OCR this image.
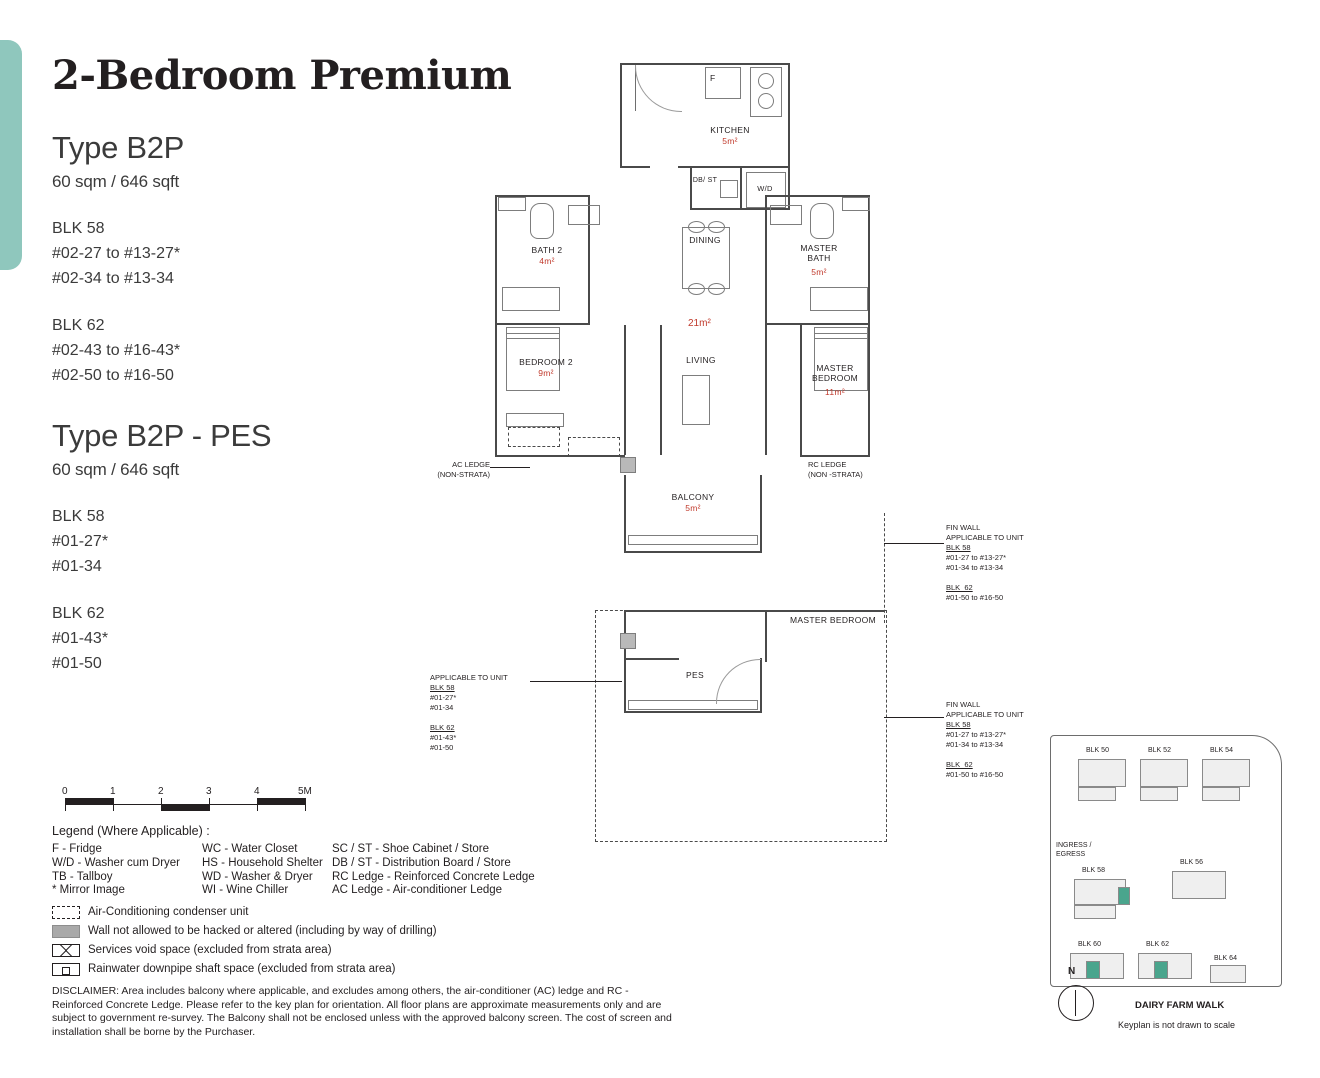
2-Bedroom Premium
Type B2P
60 sqm / 646 sqft
BLK 58
#02-27 to #13-27*
#02-34 to #13-34
BLK 62
#02-43 to #16-43*
#02-50 to #16-50
Type B2P - PES
60 sqm / 646 sqft
BLK 58
#01-27*
#01-34
BLK 62
#01-43*
#01-50
0	1	2	3	4	5M
Legend (Where Applicable) :
F - Fridge	WC - Water Closet	SC / ST - Shoe Cabinet / Store
W/D - Washer cum Dryer HS - Household Shelter DB / ST - Distribution Board / Store
TB - Tallboy	WD - Washer & Dryer RC Ledge - Reinforced Concrete Ledge
* Mirror Image	WI - Wine Chiller	AC Ledge - Air-conditioner Ledge
Air-Conditioning condenser unit
Wall not allowed to be hacked or altered (including by way of drilling)
Services void space (excluded from strata area)
Rainwater downpipe shaft space (excluded from strata area)
DISCLAIMER: Area includes balcony where applicable, and excludes among others, the air-conditioner (AC) ledge and RC - Reinforced Concrete Ledge. Please refer to the key plan for orientation. All floor plans are approximate measurements only and are subject to government re-survey. The Balcony shall not be enclosed unless with the approved balcony screen. The cost of screen and installation shall be borne by the Purchaser.
F
KITCHEN
5m²
DB/ ST
W/D
BATH 2
4m²
MASTER
BATH
5m²
DINING
21m²
LIVING
BEDROOM 2
9m²	MASTER
BEDROOM
11m²
BALCONY
5m²
AC LEDGE
(NON-STRATA)
RC LEDGE
(NON -STRATA)
FIN WALL
APPLICABLE TO UNIT
BLK 58
#01-27 to #13-27*
#01-34 to #13-34

BLK  62
#01-50 to #16-50
MASTER BEDROOM
PES
APPLICABLE TO UNIT
BLK 58
#01-27*
#01-34

BLK 62
#01-43*
#01-50
FIN WALL
APPLICABLE TO UNIT
BLK 58
#01-27 to #13-27*
#01-34 to #13-34

BLK  62
#01-50 to #16-50
BLK 50	BLK 52	BLK 54
INGRESS /
EGRESS
BLK 58
BLK 56
BLK 60	BLK 62
BLK 64
N
DAIRY FARM WALK
Keyplan is not drawn to scale
